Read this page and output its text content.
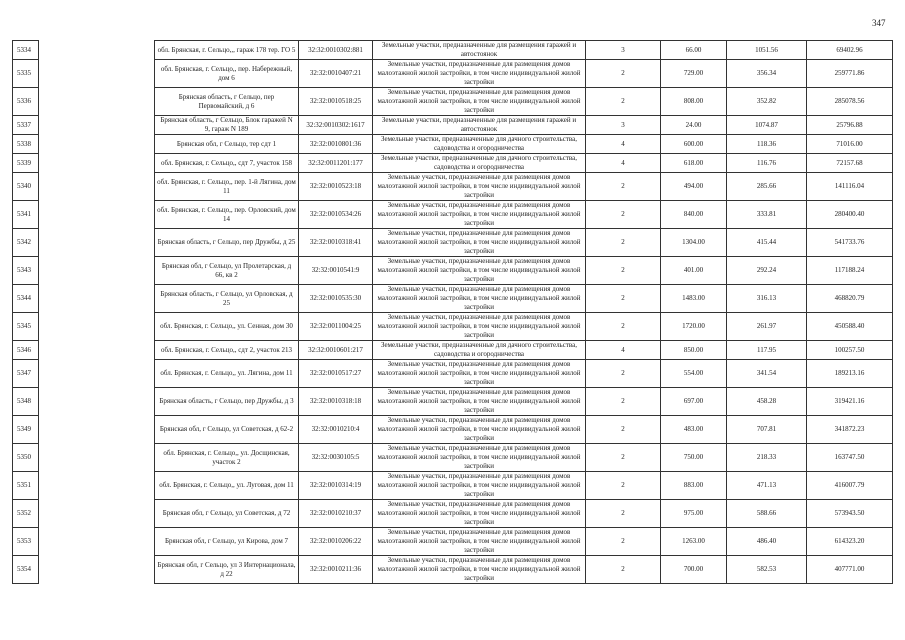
347
5334		обл. Брянская, г. Сельцо,,, гараж 178 тер. ГО 5	32:32:0010302:881	Земельные участки, предназначенные для размещения гаражей и автостоянок	3	66.00	1051.56	69402.96
5335		обл. Брянская, г. Сельцо,, пер. Набережный, дом 6	32:32:0010407:21	Земельные участки, предназначенные для размещения домов малоэтажной жилой застройки, в том числе индивидуальной жилой застройки	2	729.00	356.34	259771.86
5336		Брянская область, г Сельцо, пер Первомайский, д 6	32:32:0010518:25	Земельные участки, предназначенные для размещения домов малоэтажной жилой застройки, в том числе индивидуальной жилой застройки	2	808.00	352.82	285078.56
5337		Брянская область, г Сельцо, Блок гаражей N 9, гараж N 189	32:32:0010302:1617	Земельные участки, предназначенные для размещения гаражей и автостоянок	3	24.00	1074.87	25796.88
5338		Брянская обл, г Сельцо, тер сдт 1	32:32:0010801:36	Земельные участки, предназначенные для дачного строительства, садоводства и огородничества	4	600.00	118.36	71016.00
5339		обл. Брянская, г. Сельцо,, сдт 7, участок 158	32:32:0011201:177	Земельные участки, предназначенные для дачного строительства, садоводства и огородничества	4	618.00	116.76	72157.68
5340		обл. Брянская, г. Сельцо,, пер. 1-й Лягина, дом 11	32:32:0010523:18	Земельные участки, предназначенные для размещения домов малоэтажной жилой застройки, в том числе индивидуальной жилой застройки	2	494.00	285.66	141116.04
5341		обл. Брянская, г. Сельцо,, пер. Орловский, дом 14	32:32:0010534:26	Земельные участки, предназначенные для размещения домов малоэтажной жилой застройки, в том числе индивидуальной жилой застройки	2	840.00	333.81	280400.40
5342		Брянская область, г Сельцо, пер Дружбы, д 25	32:32:0010318:41	Земельные участки, предназначенные для размещения домов малоэтажной жилой застройки, в том числе индивидуальной жилой застройки	2	1304.00	415.44	541733.76
5343		Брянская обл, г Сельцо, ул Пролетарская, д 66, кв 2	32:32:0010541:9	Земельные участки, предназначенные для размещения домов малоэтажной жилой застройки, в том числе индивидуальной жилой застройки	2	401.00	292.24	117188.24
5344		Брянская область, г Сельцо, ул Орловская, д 25	32:32:0010535:30	Земельные участки, предназначенные для размещения домов малоэтажной жилой застройки, в том числе индивидуальной жилой застройки	2	1483.00	316.13	468820.79
5345		обл. Брянская, г. Сельцо,, ул. Сенная, дом 30	32:32:0011004:25	Земельные участки, предназначенные для размещения домов малоэтажной жилой застройки, в том числе индивидуальной жилой застройки	2	1720.00	261.97	450588.40
5346		обл. Брянская, г. Сельцо,, сдт 2, участок 213	32:32:0010601:217	Земельные участки, предназначенные для дачного строительства, садоводства и огородничества	4	850.00	117.95	100257.50
5347		обл. Брянская, г. Сельцо,, ул. Лягина, дом 11	32:32:0010517:27	Земельные участки, предназначенные для размещения домов малоэтажной жилой застройки, в том числе индивидуальной жилой застройки	2	554.00	341.54	189213.16
5348		Брянская область, г Сельцо, пер Дружбы, д 3	32:32:0010318:18	Земельные участки, предназначенные для размещения домов малоэтажной жилой застройки, в том числе индивидуальной жилой застройки	2	697.00	458.28	319421.16
5349		Брянская обл, г Сельцо, ул Советская, д 62-2	32:32:0010210:4	Земельные участки, предназначенные для размещения домов малоэтажной жилой застройки, в том числе индивидуальной жилой застройки	2	483.00	707.81	341872.23
5350		обл. Брянская, г. Сельцо,, ул. Досщинская, участок 2	32:32:0030105:5	Земельные участки, предназначенные для размещения домов малоэтажной жилой застройки, в том числе индивидуальной жилой застройки	2	750.00	218.33	163747.50
5351		обл. Брянская, г. Сельцо,, ул. Луговая, дом 11	32:32:0010314:19	Земельные участки, предназначенные для размещения домов малоэтажной жилой застройки, в том числе индивидуальной жилой застройки	2	883.00	471.13	416007.79
5352		Брянская обл, г Сельцо, ул Советская, д 72	32:32:0010210:37	Земельные участки, предназначенные для размещения домов малоэтажной жилой застройки, в том числе индивидуальной жилой застройки	2	975.00	588.66	573943.50
5353		Брянская обл, г Сельцо, ул Кирова, дом 7	32:32:0010206:22	Земельные участки, предназначенные для размещения домов малоэтажной жилой застройки, в том числе индивидуальной жилой застройки	2	1263.00	486.40	614323.20
5354		Брянская обл, г Сельцо, ул 3 Интернационала, д 22	32:32:0010211:36	Земельные участки, предназначенные для размещения домов малоэтажной жилой застройки, в том числе индивидуальной жилой застройки	2	700.00	582.53	407771.00
